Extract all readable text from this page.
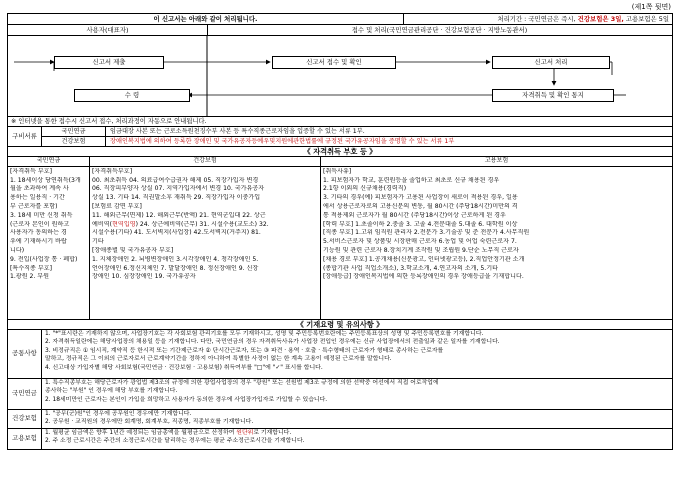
(제1쪽 뒷면)
이 신고서는 아래와 같이 처리됩니다.	처리기간 : 국민연금은 즉시, 건강보험은 3일, 고용보험은 5일
사용자(대표자)	접수 및 처리(국민연금관리공단 · 건강보험공단 · 지방노동관서)
신고서 제출	신고서 접수 및 확인	신고서 처리
수 령	자격취득 및 확인 통지
※ 인터넷을 통한 접수시 신고서 접수, 처리과정이 자동으로 안내됩니다.
구비서류
국민연금	임금대장 사본 또는 근로소득원천징수부 사본 등 특수직종근로자임을 입증할 수 있는 서류 1부.
건강보험	장애인복지법에 의하여 등록한 장애인 및 국가유공자등예우및지원에관한법률에 규정된 국가유공자임을 증명할 수 있는 서류 1부
《 자격취득 부호 등 》
국민연금
[자격취득 부호]
1. 18세이상 당연취득(3개
월을 초과하여 계속 사
용하는 일용직 · 기간
부 근로자를 포함)
3. 18세 미만 신청 취득
(근로자 본인이 원하고
사용자가 동의하는 경
우에 기재하시기 바랍
니다)
9. 전입(사업장 통 · 폐합)
[특수직종 부호]
1.광원 2. 부원
건강보험
[자격취득부호]
00. 최초취득 04. 의료급여수급권자 해제 05. 직장가입자 변경
06. 직장피부양자 상실 07. 지역가입자에서 변경 10. 국가유공자
상실 13. 기타 14. 직권말소후 재취득 29. 직장가입자 이중가입
[보험료 감면 부호]
11. 해외근무(면제) 12. 해외근무(반액) 21. 현역군입대 22. 상근
예비역(현역입영) 24. 상근예비역(근무) 31. 시설수용(교도소) 32.
시설수용(기타) 41. 도서벽지(사업장) 42.도서벽지(거주지) 81.
기타
[장애종별 및 국가유공자 부호]
1. 지체장애인 2. 뇌병변장애인 3.시각장애인 4. 청각장애인 5.
언어장애인 6.정신지체인 7. 발달장애인 8. 정신장애인 9. 신장
장애인 10. 심장장애인 19. 국가유공자
고용보험
[취득사유]
1. 피보험자가 학교, 훈련원등을 졸업하고 최초로 신규 채용된 경우
2.1항 이외의 신규채용(경력직)
3. 기타의 경우(예) 피보험자가 고용된 사업장이 새로이 적용된 경우, 일용
에서 상용근로자로의 고용신분의 변동, 월 80시간 (주당18시간)미만의 격
통 적용제외 근로자가 월 80시간 (주당18시간)이상 근로하게 된 경우
[학력 부호] 1.초졸이하 2.중졸 3. 고졸 4.전문대졸 5.대졸 6. 대학원 이상
[직종 부호] 1.고위 임직원 관리자 2.전문가 3.기술공 및 준 전문가 4.사무직원
5.서비스근로자 및 상품및 시장판매 근로자 6.농업 및 어업 숙련근로자 7.
기능원 및 관련 근로자 8.장치기계 조작원 및 조립원 9.단순 노무직 근로자
[채용 경로 부호] 1.공개채용(신문광고, 인터넷광고등), 2.직업안정기관 소개
(종합기관 사업 직업소개소), 3.학교소개, 4.연고자의 소개, 5.기타
[장애등급] 장애인복지법에 의한 등록장애인의 경우 장애등급을 기재합니다.
《 기재요령 및 유의사항 》
공통사항
1. "*"표시란은 기재하지 않으며, 사업장기호는 각 사회보험 관리기호를 모두 기재하시고, 성명 및 주민등록번호란에는 주민등록표상의 성명 및 주민등록번호를 기재합니다.
2. 자격취득일란에는 해당사업장의 채용일 등을 기재합니다. 다만, 국민연금의 경우 자격취득사유가 사업장 전입인 경우에는 신규 사업장에서의 전출일과 같은 일자를 기재합니다.
3. 비정규직은 ① 임시직, 계약직 등 한시적 또는 기간제근로자 ② 단시간근로자, 또는 ③ 파견 · 용역 · 호출 · 특수형태의 근로자가 형태로 종사하는 근로자를
말하고, 정규직은 그 이외의 근로자로서 근로계약기간을 정하지 아니하여 특별한 사정이 없는 한 계속 고용이 예정된 근로자를 말합니다.
4. 신고대상 가입자별 해당 사회보험(국민연금 · 건강보험 · 고용보험) 취득여부를 "□"에 "✓" 표시를 합니다.
국민연금
1. 특수직종부호는 해당근로자가 광업법 제3조의 규정에 의한 광업사업장의 경우 "광원" 또는 선원법 제3조 규정에 의한 선박중 어선에서 직접 어로작업에
종사하는 "부원" 인 경우에 해당 부호를 기재합니다.
2. 18세미만인 근로자는 본인이 가입을 희망하고 사용자가 동의한 경우에 사업장가입자로 가입할 수 있습니다.
건강보험
1. "공무(군)원"인 경우에 공무원인 경우에만 기재합니다.
2. 공무원 · 교직원의 경우에만 회계명, 회계부호, 직종명, 직종부호를 기재합니다.
고용보험
1. 월평균 임금액은 향후 1년간 예정되는 임금총액을 월평균으로 산정하여 원단위로 기재합니다.
2. 주 소정 근로시간은 주간의 소정근로시간을 달리하는 경우에는 평균 주소정근로시간을 기재합니다.
